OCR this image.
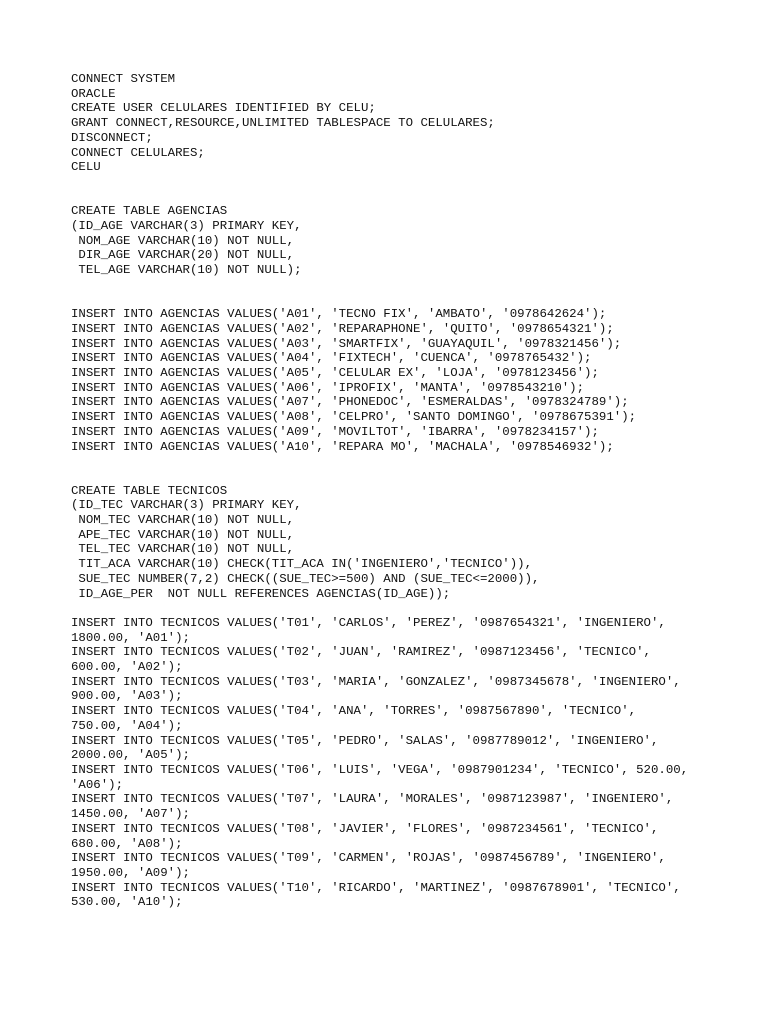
CONNECT SYSTEM
ORACLE
CREATE USER CELULARES IDENTIFIED BY CELU;
GRANT CONNECT,RESOURCE,UNLIMITED TABLESPACE TO CELULARES;
DISCONNECT;
CONNECT CELULARES;
CELU
CREATE TABLE AGENCIAS
(ID_AGE VARCHAR(3) PRIMARY KEY,
NOM_AGE VARCHAR(10) NOT NULL,
DIR_AGE VARCHAR(20) NOT NULL,
TEL_AGE VARCHAR(10) NOT NULL);
INSERT INTO AGENCIAS VALUES('A01', 'TECNO FIX', 'AMBATO', '0978642624');
INSERT INTO AGENCIAS VALUES('A02', 'REPARAPHONE', 'QUITO', '0978654321');
INSERT INTO AGENCIAS VALUES('A03', 'SMARTFIX', 'GUAYAQUIL', '0978321456');
INSERT INTO AGENCIAS VALUES('A04', 'FIXTECH', 'CUENCA', '0978765432');
INSERT INTO AGENCIAS VALUES('A05', 'CELULAR EX', 'LOJA', '0978123456');
INSERT INTO AGENCIAS VALUES('A06', 'IPROFIX', 'MANTA', '0978543210');
INSERT INTO AGENCIAS VALUES('A07', 'PHONEDOC', 'ESMERALDAS', '0978324789');
INSERT INTO AGENCIAS VALUES('A08', 'CELPRO', 'SANTO DOMINGO', '0978675391');
INSERT INTO AGENCIAS VALUES('A09', 'MOVILTOT', 'IBARRA', '0978234157');
INSERT INTO AGENCIAS VALUES('A10', 'REPARA MO', 'MACHALA', '0978546932');
CREATE TABLE TECNICOS
(ID_TEC VARCHAR(3) PRIMARY KEY,
NOM_TEC VARCHAR(10) NOT NULL,
APE_TEC VARCHAR(10) NOT NULL,
TEL_TEC VARCHAR(10) NOT NULL,
TIT_ACA VARCHAR(10) CHECK(TIT_ACA IN('INGENIERO','TECNICO')),
SUE_TEC NUMBER(7,2) CHECK((SUE_TEC>=500) AND (SUE_TEC<=2000)),
ID_AGE_PER  NOT NULL REFERENCES AGENCIAS(ID_AGE));
INSERT INTO TECNICOS VALUES('T01', 'CARLOS', 'PEREZ', '0987654321', 'INGENIERO',
1800.00, 'A01');
INSERT INTO TECNICOS VALUES('T02', 'JUAN', 'RAMIREZ', '0987123456', 'TECNICO',
600.00, 'A02');
INSERT INTO TECNICOS VALUES('T03', 'MARIA', 'GONZALEZ', '0987345678', 'INGENIERO',
900.00, 'A03');
INSERT INTO TECNICOS VALUES('T04', 'ANA', 'TORRES', '0987567890', 'TECNICO',
750.00, 'A04');
INSERT INTO TECNICOS VALUES('T05', 'PEDRO', 'SALAS', '0987789012', 'INGENIERO',
2000.00, 'A05');
INSERT INTO TECNICOS VALUES('T06', 'LUIS', 'VEGA', '0987901234', 'TECNICO', 520.00,
'A06');
INSERT INTO TECNICOS VALUES('T07', 'LAURA', 'MORALES', '0987123987', 'INGENIERO',
1450.00, 'A07');
INSERT INTO TECNICOS VALUES('T08', 'JAVIER', 'FLORES', '0987234561', 'TECNICO',
680.00, 'A08');
INSERT INTO TECNICOS VALUES('T09', 'CARMEN', 'ROJAS', '0987456789', 'INGENIERO',
1950.00, 'A09');
INSERT INTO TECNICOS VALUES('T10', 'RICARDO', 'MARTINEZ', '0987678901', 'TECNICO',
530.00, 'A10');
